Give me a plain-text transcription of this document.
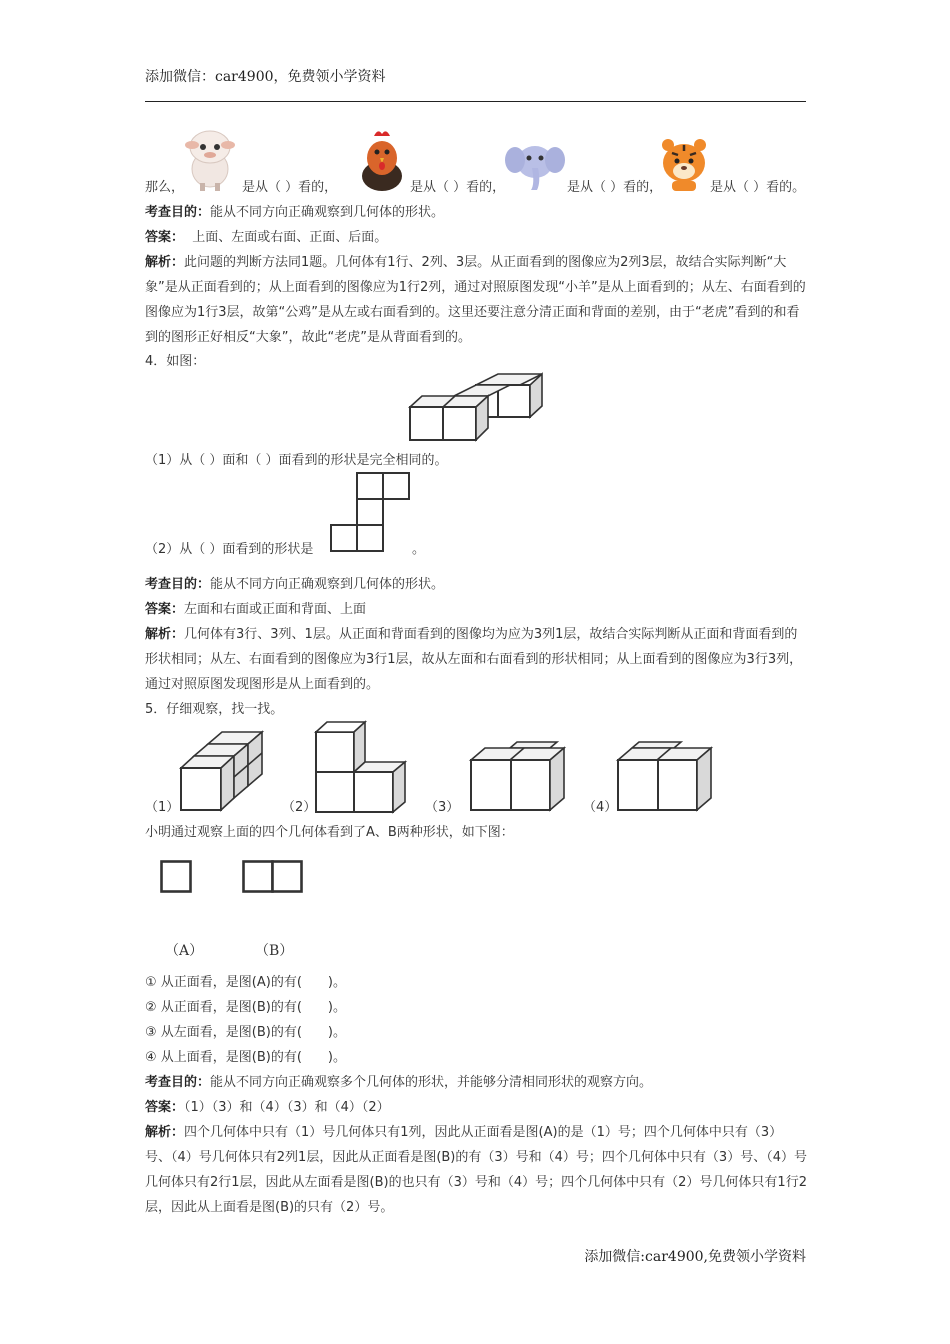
添加微信：car4900，免费领小学资料
那么，	是从（ ）看的，	是从（ ）看的，	是从（ ）看的，	是从（ ）看的。
考查目的：能从不同方向正确观察到几何体的形状。
答案：  上面、左面或右面、正面、后面。
解析：此问题的判断方法同1题。几何体有1行、2列、3层。从正面看到的图像应为2列3层，故结合实际判断“大象”是从正面看到的；从上面看到的图像应为1行2列，通过对照原图发现“小羊”是从上面看到的；从左、右面看到的图像应为1行3层，故第“公鸡”是从左或右面看到的。这里还要注意分清正面和背面的差别，由于“老虎”看到的和看到的图形正好相反“大象”，故此“老虎”是从背面看到的。
4．如图：
（1）从（ ）面和（ ）面看到的形状是完全相同的。
（2）从（ ）面看到的形状是	。
考查目的：能从不同方向正确观察到几何体的形状。
答案：左面和右面或正面和背面、上面
解析：几何体有3行、3列、1层。从正面和背面看到的图像均为应为3列1层，故结合实际判断从正面和背面看到的形状相同；从左、右面看到的图像应为3行1层，故从左面和右面看到的形状相同；从上面看到的图像应为3行3列，通过对照原图发现图形是从上面看到的。
5．仔细观察，找一找。
（1）	（2）	（3）	（4）
小明通过观察上面的四个几何体看到了A、B两种形状，如下图：
（A）	（B）
① 从正面看，是图(A)的有(　　)。
② 从正面看，是图(B)的有(　　)。
③ 从左面看，是图(B)的有(　　)。
④ 从上面看，是图(B)的有(　　)。
考查目的：能从不同方向正确观察多个几何体的形状，并能够分清相同形状的观察方向。
答案：（1）（3）和（4）（3）和（4）（2）
解析：四个几何体中只有（1）号几何体只有1列，因此从正面看是图(A)的是（1）号；四个几何体中只有（3）号、（4）号几何体只有2列1层，因此从正面看是图(B)的有（3）号和（4）号；四个几何体中只有（3）号、（4）号几何体只有2行1层，因此从左面看是图(B)的也只有（3）号和（4）号；四个几何体中只有（2）号几何体只有1行2层，因此从上面看是图(B)的只有（2）号。
添加微信:car4900,免费领小学资料
